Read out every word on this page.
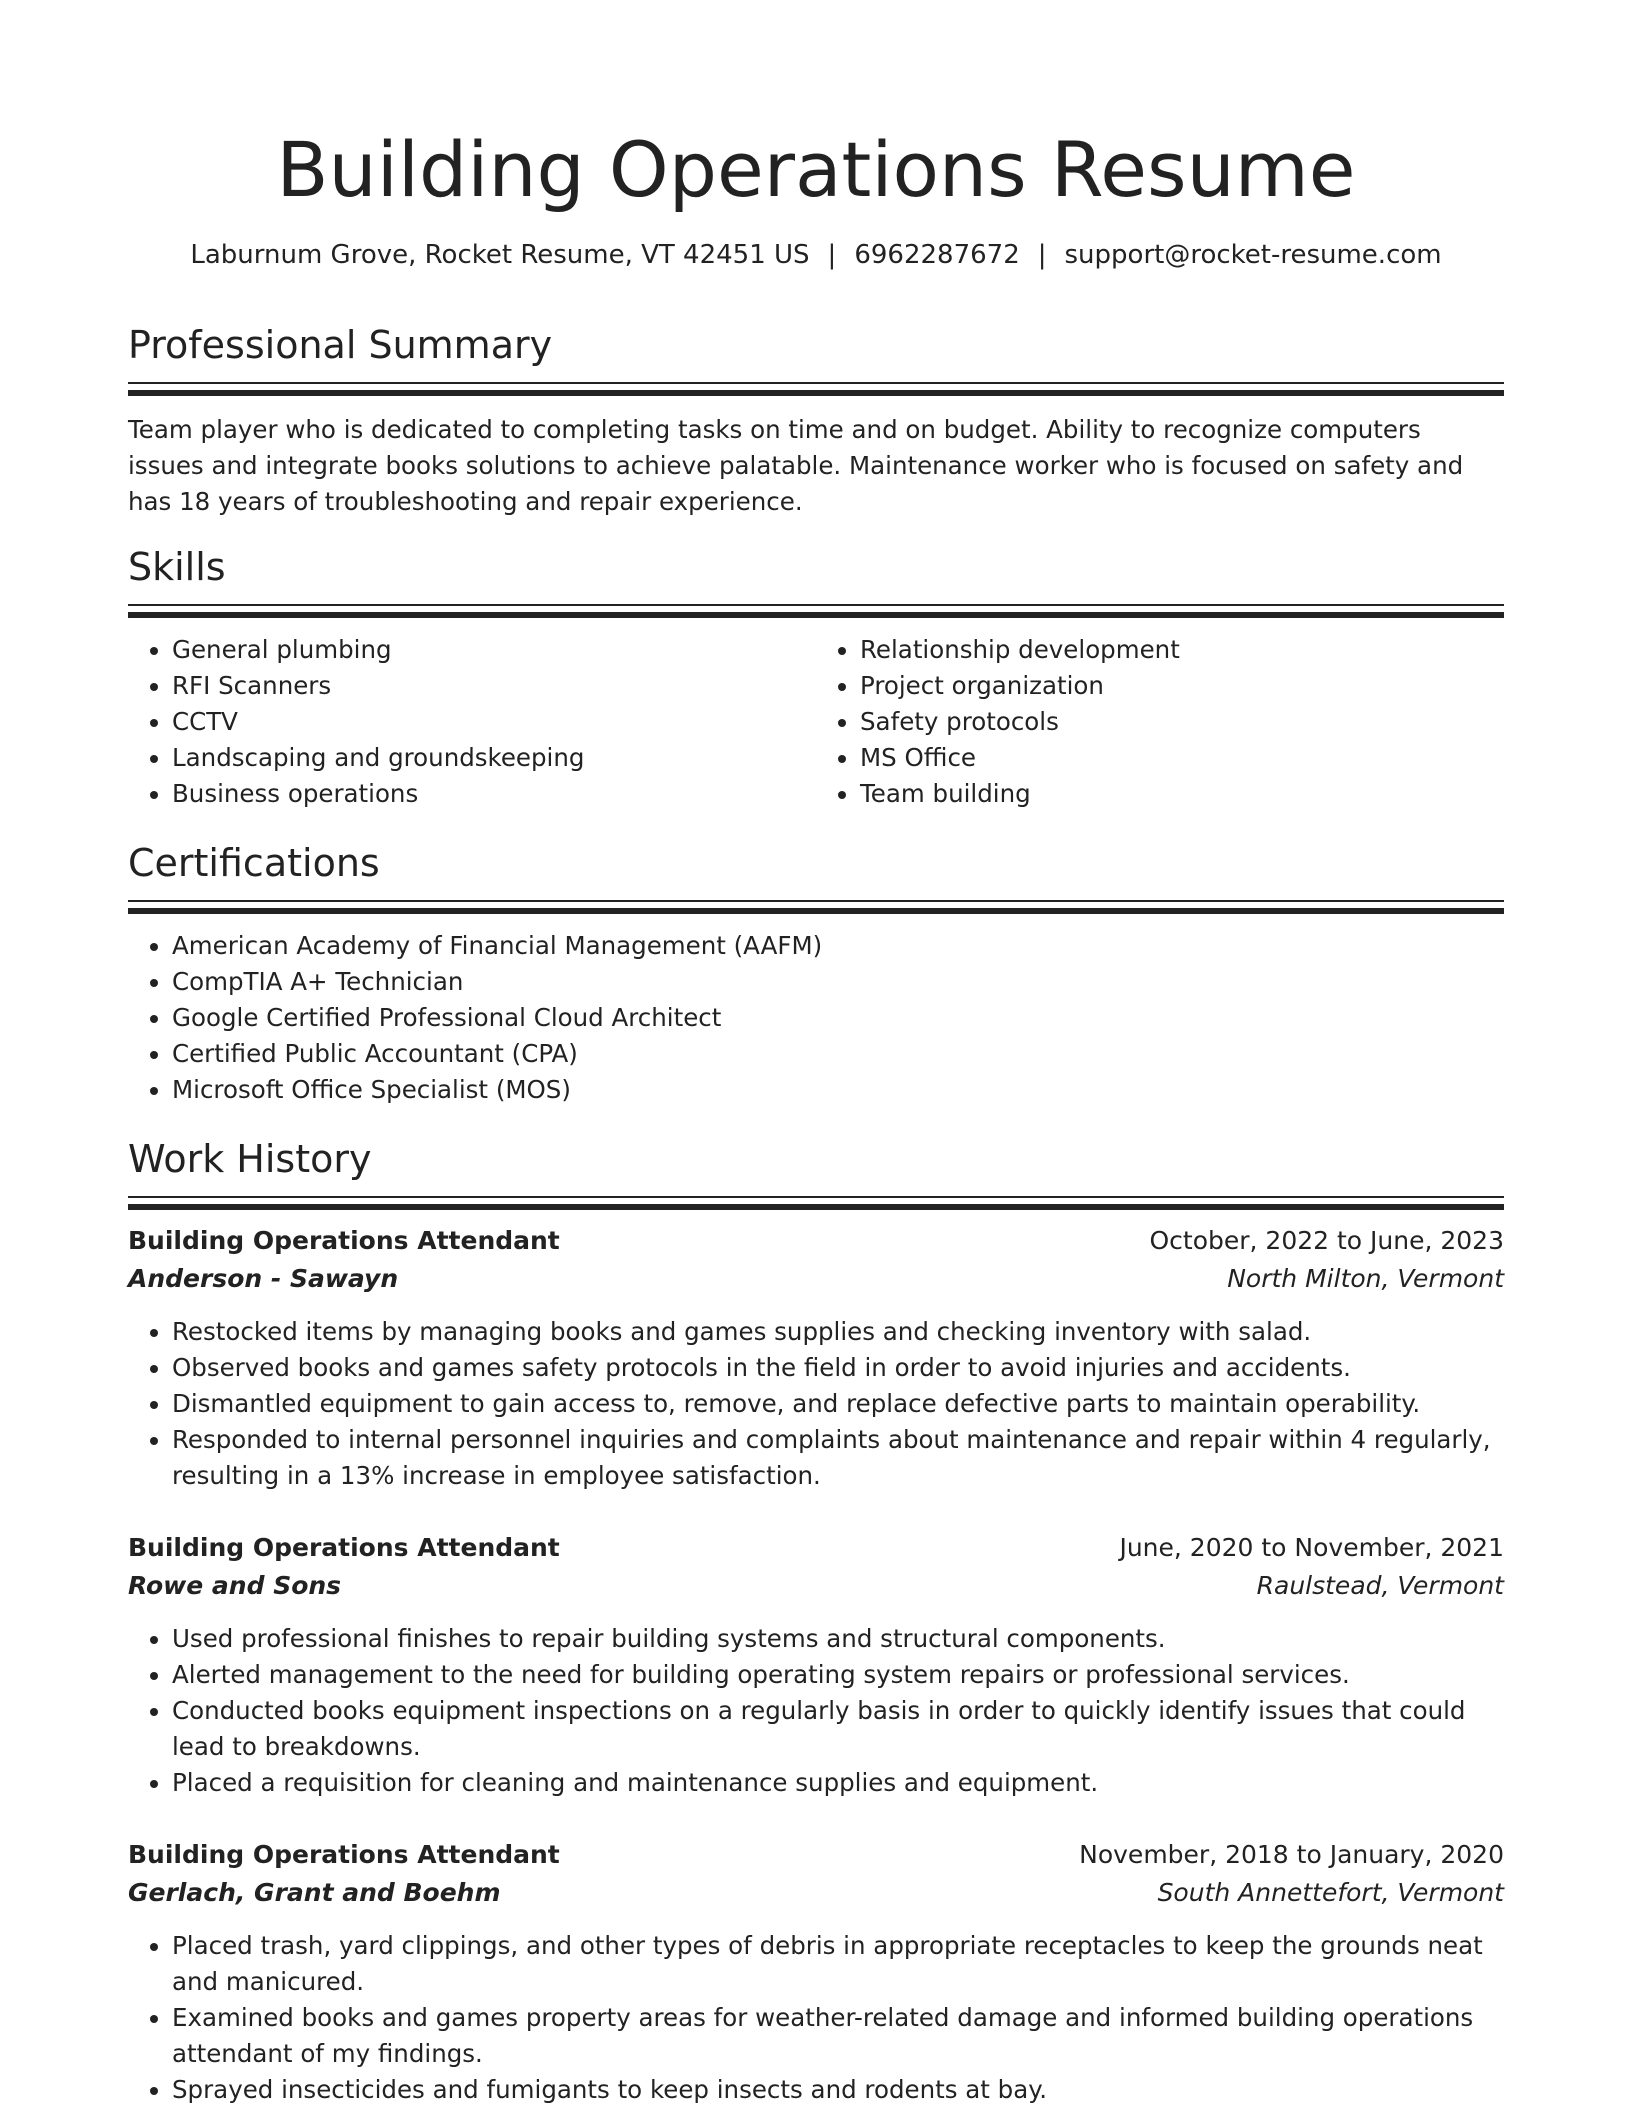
Building Operations Resume
Laburnum Grove, Rocket Resume, VT 42451 US | 6962287672 | support@rocket-resume.com
Professional Summary

Team player who is dedicated to completing tasks on time and on budget. Ability to recognize computers issues and integrate books solutions to achieve palatable. Maintenance worker who is focused on safety and has 18 years of troubleshooting and repair experience.

Skills
• General plumbing
• RFI Scanners
• CCTV
• Landscaping and groundskeeping
• Business operations
• Relationship development
• Project organization
• Safety protocols
• MS Office
• Team building
Certifications
• American Academy of Financial Management (AAFM)
• CompTIA A+ Technician
• Google Certified Professional Cloud Architect
• Certified Public Accountant (CPA)
• Microsoft Office Specialist (MOS)
Work History
Building Operations Attendant	October, 2022 to June, 2023
Anderson - Sawayn	North Milton, Vermont
• Restocked items by managing books and games supplies and checking inventory with salad.
• Observed books and games safety protocols in the field in order to avoid injuries and accidents.
• Dismantled equipment to gain access to, remove, and replace defective parts to maintain operability.
• Responded to internal personnel inquiries and complaints about maintenance and repair within 4 regularly, resulting in a 13% increase in employee satisfaction.
Building Operations Attendant	June, 2020 to November, 2021
Rowe and Sons	Raulstead, Vermont
• Used professional finishes to repair building systems and structural components.
• Alerted management to the need for building operating system repairs or professional services.
• Conducted books equipment inspections on a regularly basis in order to quickly identify issues that could lead to breakdowns.
• Placed a requisition for cleaning and maintenance supplies and equipment.
Building Operations Attendant	November, 2018 to January, 2020
Gerlach, Grant and Boehm	South Annettefort, Vermont
• Placed trash, yard clippings, and other types of debris in appropriate receptacles to keep the grounds neat and manicured.
• Examined books and games property areas for weather-related damage and informed building operations attendant of my findings.
• Sprayed insecticides and fumigants to keep insects and rodents at bay.
